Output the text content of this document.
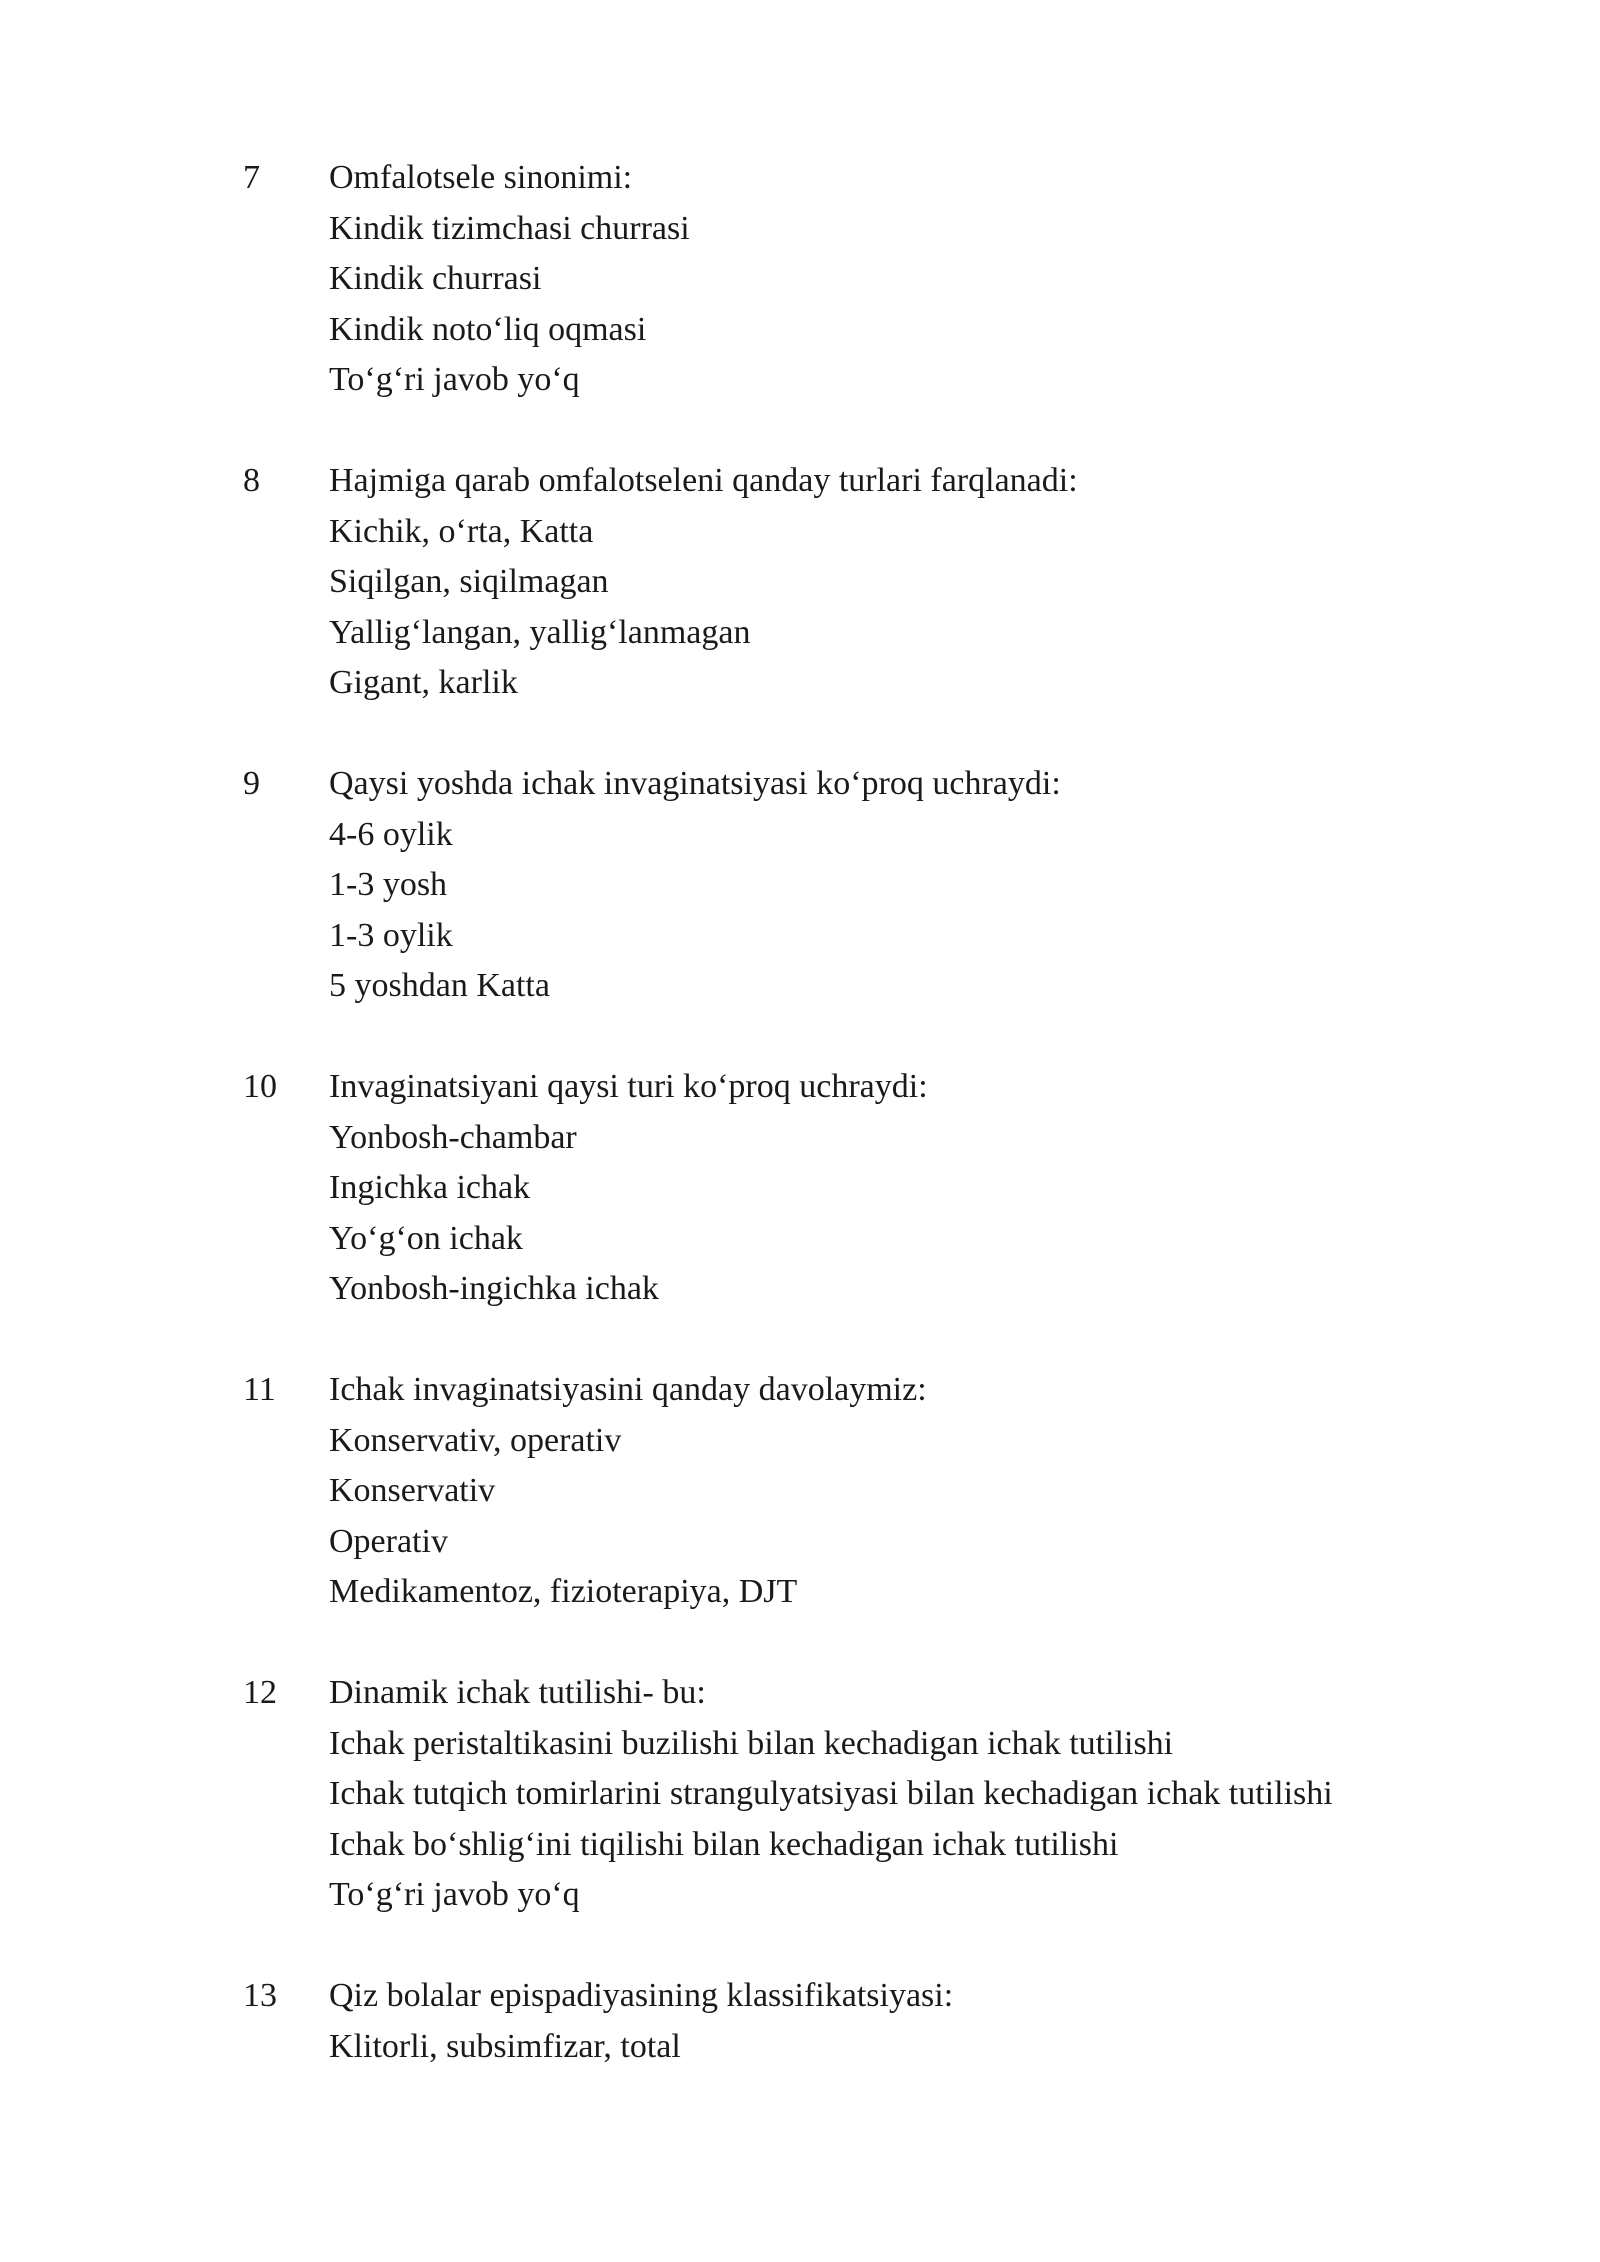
7 Omfalotsele sinonimi:
Kindik tizimchasi churrasi
Kindik churrasi
Kindik noto‘liq oqmasi
To‘g‘ri javob yo‘q
8 Hajmiga qarab omfalotseleni qanday turlari farqlanadi:
Kichik, o‘rta, Katta
Siqilgan, siqilmagan
Yallig‘langan, yallig‘lanmagan
Gigant, karlik
9 Qaysi yoshda ichak invaginatsiyasi ko‘proq uchraydi:
4-6 oylik
1-3 yosh
1-3 oylik
5 yoshdan Katta
10 Invaginatsiyani qaysi turi ko‘proq uchraydi:
Yonbosh-chambar
Ingichka ichak
Yo‘g‘on ichak
Yonbosh-ingichka ichak
11 Ichak invaginatsiyasini qanday davolaymiz:
Konservativ, operativ
Konservativ
Operativ
Medikamentoz, fizioterapiya, DJT
12 Dinamik ichak tutilishi- bu:
Ichak peristaltikasini buzilishi bilan kechadigan ichak tutilishi
Ichak tutqich tomirlarini strangulyatsiyasi bilan kechadigan ichak tutilishi
Ichak bo‘shlig‘ini tiqilishi bilan kechadigan ichak tutilishi
To‘g‘ri javob yo‘q
13 Qiz bolalar epispadiyasining klassifikatsiyasi:
Klitorli, subsimfizar, total
